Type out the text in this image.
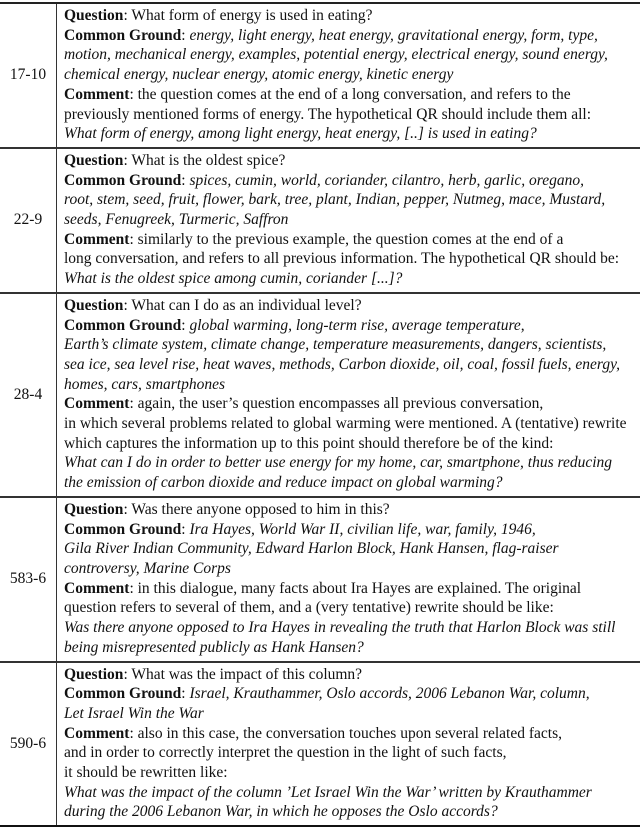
17-10
Question: What form of energy is used in eating?
Common Ground: energy, light energy, heat energy, gravitational energy, form, type,
motion, mechanical energy, examples, potential energy, electrical energy, sound energy,
chemical energy, nuclear energy, atomic energy, kinetic energy
Comment: the question comes at the end of a long conversation, and refers to the
previously mentioned forms of energy. The hypothetical QR should include them all:
What form of energy, among light energy, heat energy, [..] is used in eating?
22-9
Question: What is the oldest spice?
Common Ground: spices, cumin, world, coriander, cilantro, herb, garlic, oregano,
root, stem, seed, fruit, flower, bark, tree, plant, Indian, pepper, Nutmeg, mace, Mustard,
seeds, Fenugreek, Turmeric, Saffron
Comment: similarly to the previous example, the question comes at the end of a
long conversation, and refers to all previous information. The hypothetical QR should be:
What is the oldest spice among cumin, coriander [...]?
28-4
Question: What can I do as an individual level?
Common Ground: global warming, long-term rise, average temperature,
Earth’s climate system, climate change, temperature measurements, dangers, scientists,
sea ice, sea level rise, heat waves, methods, Carbon dioxide, oil, coal, fossil fuels, energy,
homes, cars, smartphones
Comment: again, the user’s question encompasses all previous conversation,
in which several problems related to global warming were mentioned. A (tentative) rewrite
which captures the information up to this point should therefore be of the kind:
What can I do in order to better use energy for my home, car, smartphone, thus reducing
the emission of carbon dioxide and reduce impact on global warming?
583-6
Question: Was there anyone opposed to him in this?
Common Ground: Ira Hayes, World War II, civilian life, war, family, 1946,
Gila River Indian Community, Edward Harlon Block, Hank Hansen, flag-raiser
controversy, Marine Corps
Comment: in this dialogue, many facts about Ira Hayes are explained. The original
question refers to several of them, and a (very tentative) rewrite should be like:
Was there anyone opposed to Ira Hayes in revealing the truth that Harlon Block was still
being misrepresented publicly as Hank Hansen?
590-6
Question: What was the impact of this column?
Common Ground: Israel, Krauthammer, Oslo accords, 2006 Lebanon War, column,
Let Israel Win the War
Comment: also in this case, the conversation touches upon several related facts,
and in order to correctly interpret the question in the light of such facts,
it should be rewritten like:
What was the impact of the column ’Let Israel Win the War’ written by Krauthammer
during the 2006 Lebanon War, in which he opposes the Oslo accords?
